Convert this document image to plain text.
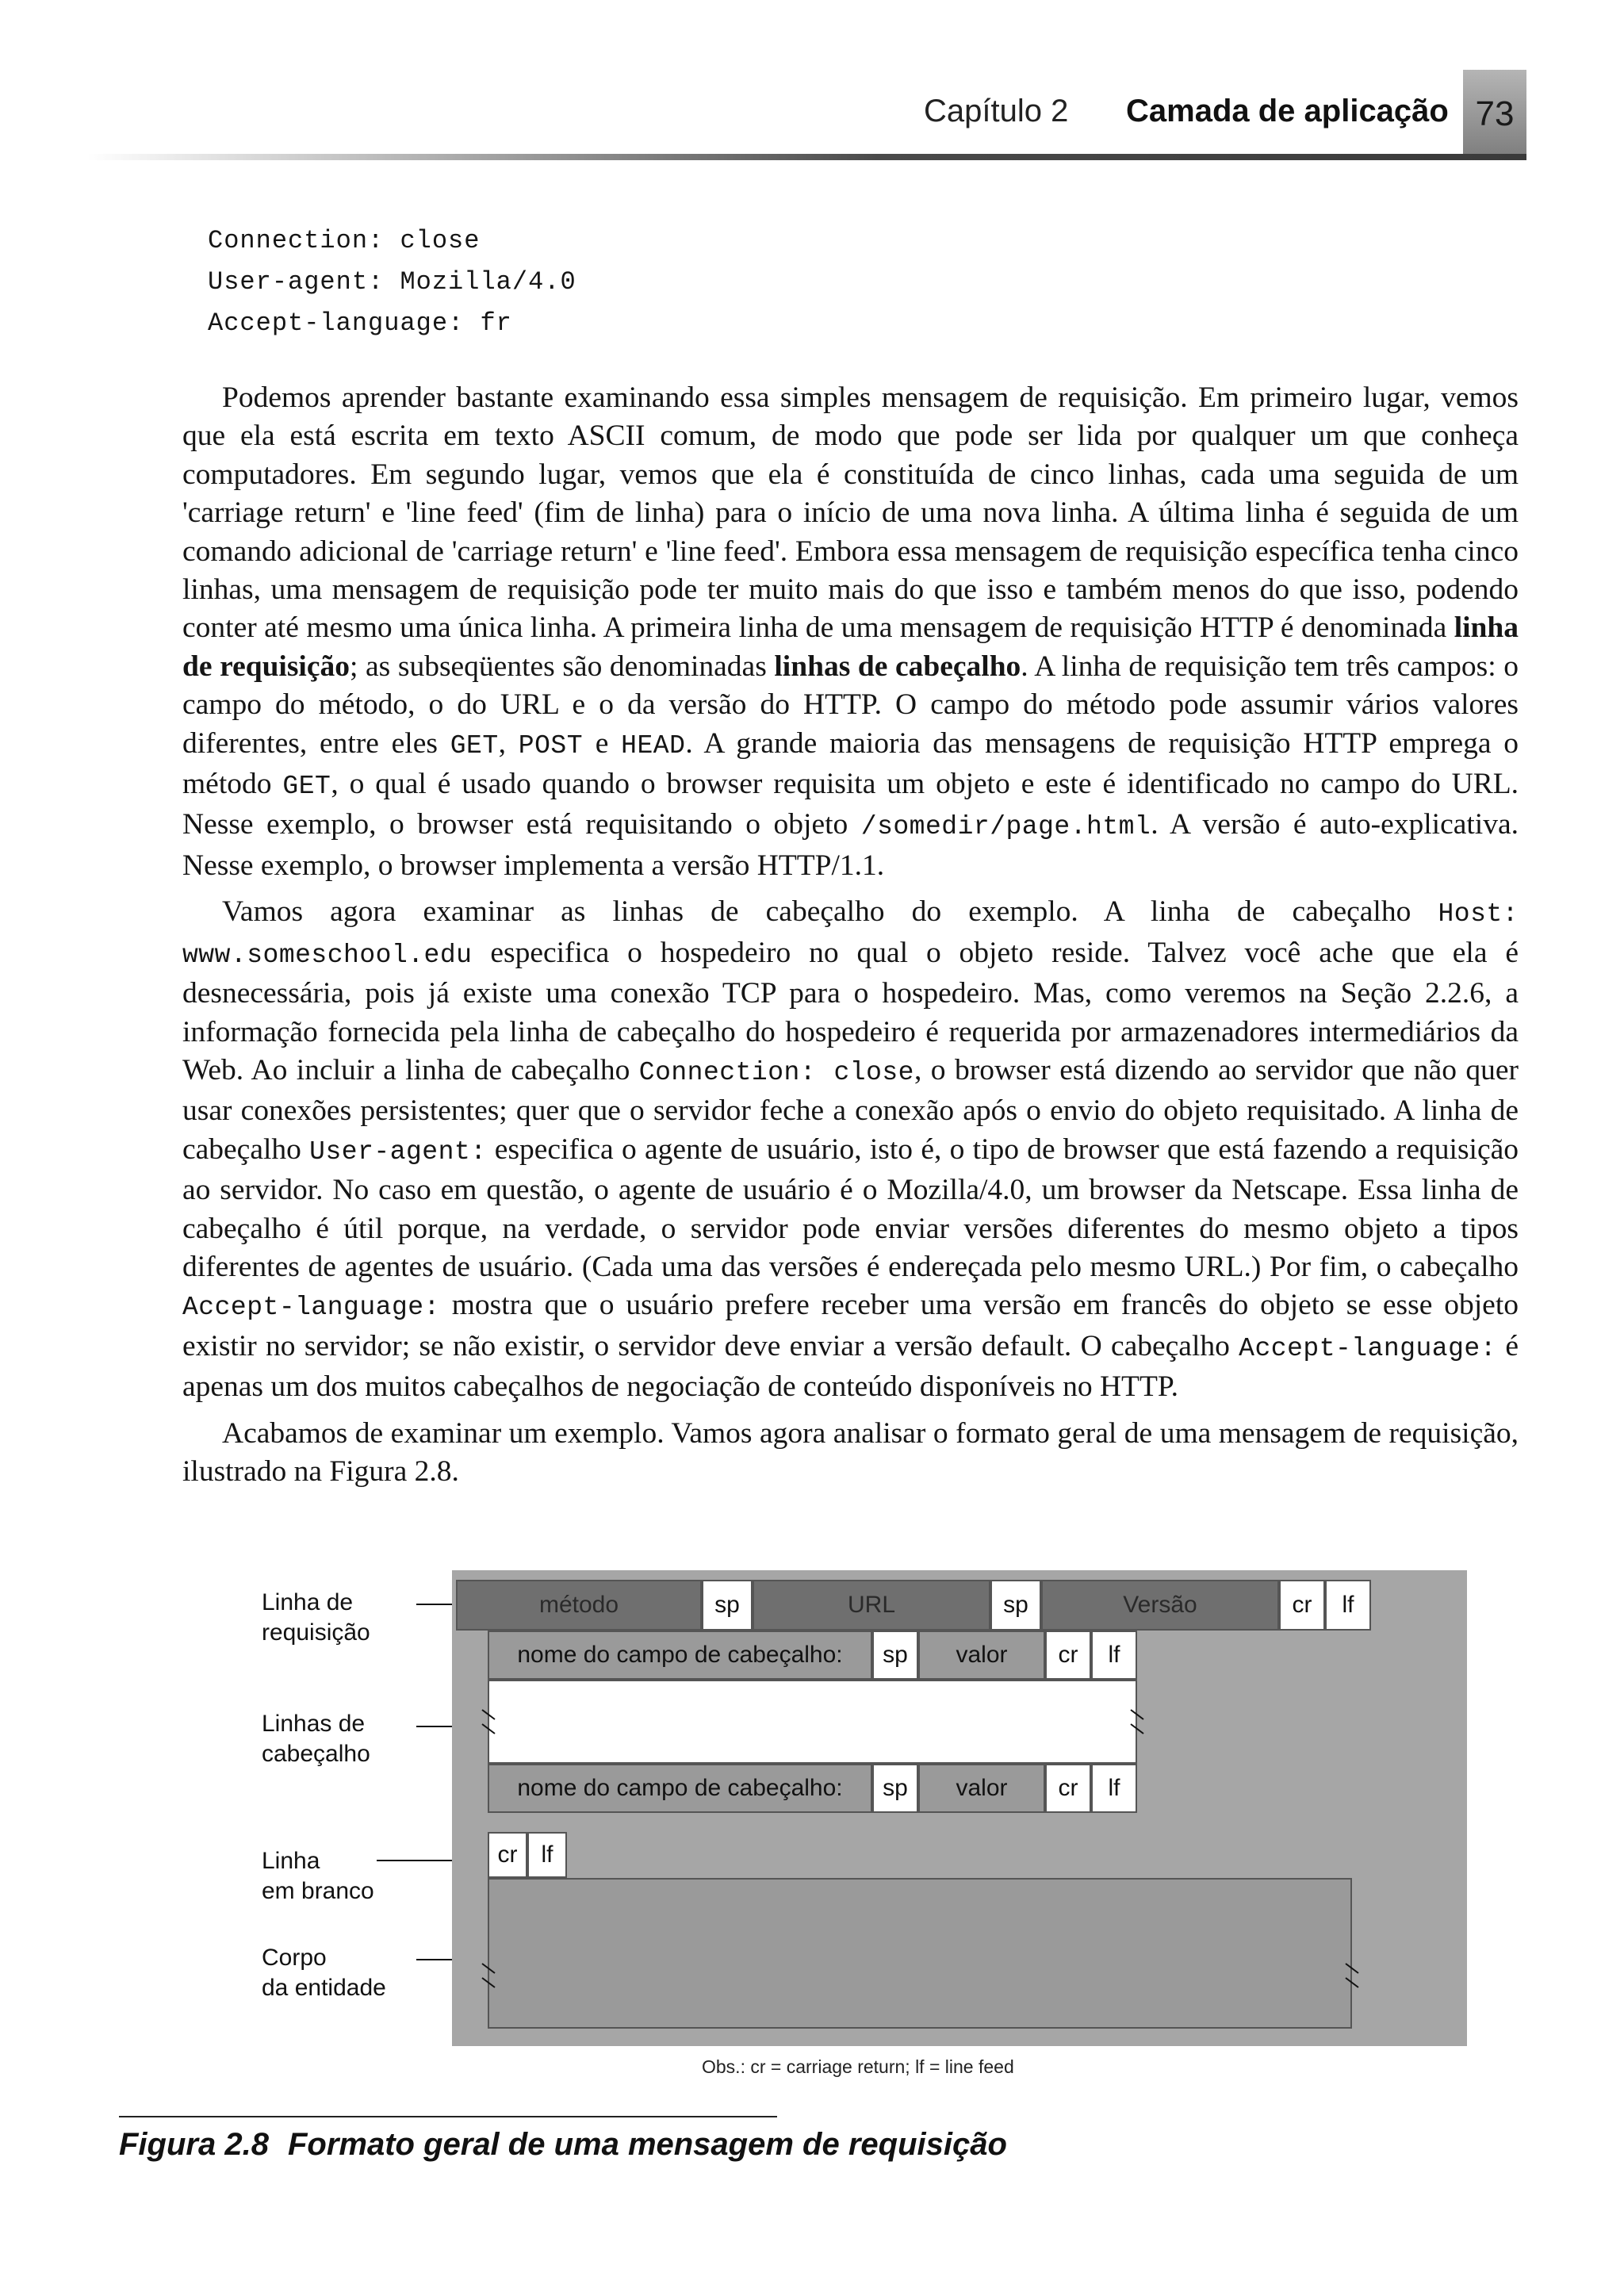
Capítulo 2 Camada de aplicação 73
Connection: close
User-agent: Mozilla/4.0
Accept-language: fr

Podemos aprender bastante examinando essa simples mensagem de requisição. Em primeiro lugar, vemos que ela está escrita em texto ASCII comum, de modo que pode ser lida por qualquer um que conheça computadores. Em segundo lugar, vemos que ela é constituída de cinco linhas, cada uma seguida de um 'carriage return' e 'line feed' (fim de linha) para o início de uma nova linha. A última linha é seguida de um comando adicional de 'carriage return' e 'line feed'. Embora essa mensagem de requisição específica tenha cinco linhas, uma mensagem de requisição pode ter muito mais do que isso e também menos do que isso, podendo conter até mesmo uma única linha. A primeira linha de uma mensagem de requisição HTTP é denominada linha de requisição; as subseqüentes são denominadas linhas de cabeçalho. A linha de requisição tem três campos: o campo do método, o do URL e o da versão do HTTP. O campo do método pode assumir vários valores diferentes, entre eles GET, POST e HEAD. A grande maioria das mensagens de requisição HTTP emprega o método GET, o qual é usado quando o browser requisita um objeto e este é identificado no campo do URL. Nesse exemplo, o browser está requisitando o objeto /somedir/page.html. A versão é auto-explicativa. Nesse exemplo, o browser implementa a versão HTTP/1.1.

Vamos agora examinar as linhas de cabeçalho do exemplo. A linha de cabeçalho Host: www.someschool.edu especifica o hospedeiro no qual o objeto reside. Talvez você ache que ela é desnecessária, pois já existe uma conexão TCP para o hospedeiro. Mas, como veremos na Seção 2.2.6, a informação fornecida pela linha de cabeçalho do hospedeiro é requerida por armazenadores intermediários da Web. Ao incluir a linha de cabeçalho Connection: close, o browser está dizendo ao servidor que não quer usar conexões persistentes; quer que o servidor feche a conexão após o envio do objeto requisitado. A linha de cabeçalho User-agent: especifica o agente de usuário, isto é, o tipo de browser que está fazendo a requisição ao servidor. No caso em questão, o agente de usuário é o Mozilla/4.0, um browser da Netscape. Essa linha de cabeçalho é útil porque, na verdade, o servidor pode enviar versões diferentes do mesmo objeto a tipos diferentes de agentes de usuário. (Cada uma das versões é endereçada pelo mesmo URL.) Por fim, o cabeçalho Accept-language: mostra que o usuário prefere receber uma versão em francês do objeto se esse objeto existir no servidor; se não existir, o servidor deve enviar a versão default. O cabeçalho Accept-language: é apenas um dos muitos cabeçalhos de negociação de conteúdo disponíveis no HTTP.

Acabamos de examinar um exemplo. Vamos agora analisar o formato geral de uma mensagem de requisição, ilustrado na Figura 2.8.

Linha de
requisição
Linhas de
cabeçalho
Linha
em branco
Corpo
da entidade
método	sp	URL	sp	Versão	cr	lf
nome do campo de cabeçalho:	sp	valor	cr	lf
nome do campo de cabeçalho:	sp	valor	cr	lf
cr	lf
Obs.: cr = carriage return; lf = line feed
Figura 2.8 Formato geral de uma mensagem de requisição
